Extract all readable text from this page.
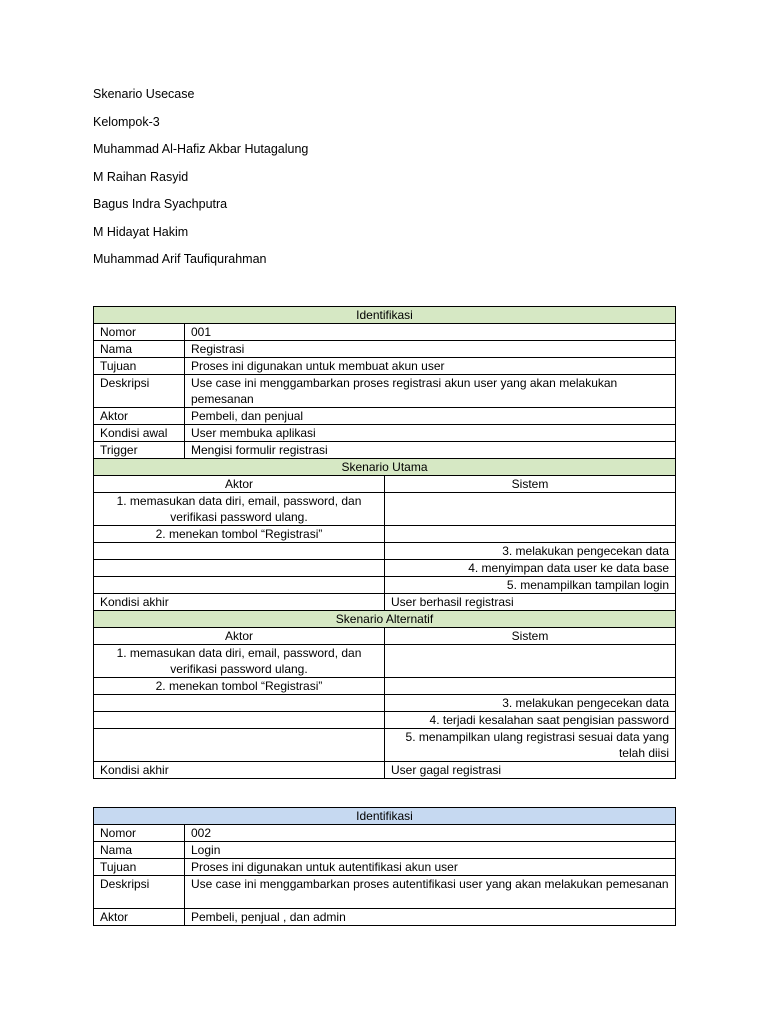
Skenario Usecase
Kelompok-3
Muhammad Al-Hafiz Akbar Hutagalung
M Raihan Rasyid
Bagus Indra Syachputra
M Hidayat Hakim
Muhammad Arif Taufiqurahman
Identifikasi		
Nomor	001	
Nama	Registrasi	
Tujuan	Proses ini digunakan untuk membuat akun user	
Deskripsi	Use case ini menggambarkan proses registrasi akun user yang akan melakukan pemesanan	
Aktor	Pembeli, dan penjual	
Kondisi awal	User membuka aplikasi	
Trigger	Mengisi formulir registrasi	
Skenario Utama		
Aktor		Sistem
1. memasukan data diri, email, password, dan verifikasi password ulang.		
2. menekan tombol “Registrasi”		
		3. melakukan pengecekan data
		4. menyimpan data user ke data base
		5. menampilkan tampilan login
Kondisi akhir		User berhasil registrasi
Skenario Alternatif		
Aktor		Sistem
1. memasukan data diri, email, password, dan verifikasi password ulang.		
2. menekan tombol “Registrasi”		
		3. melakukan pengecekan data
		4. terjadi kesalahan saat pengisian password
		5. menampilkan ulang registrasi sesuai data yang telah diisi
Kondisi akhir		User gagal registrasi
Identifikasi	
Nomor	002
Nama	Login
Tujuan	Proses ini digunakan untuk autentifikasi akun user
Deskripsi	Use case ini menggambarkan proses autentifikasi user yang akan melakukan pemesanan
Aktor	Pembeli, penjual , dan admin
